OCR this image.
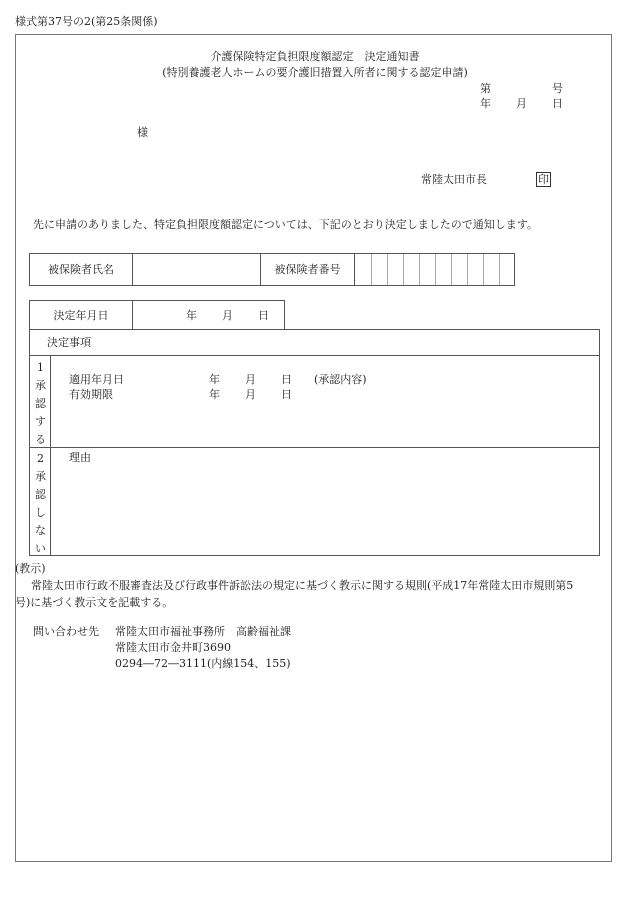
様式第37号の2(第25条関係)
介護保険特定負担限度額認定　決定通知書
(特別養護老人ホームの要介護旧措置入所者に関する認定申請)
第	号
年 月 日
様
常陸太田市長	印
先に申請のありました、特定負担限度額認定については、下記のとおり決定しましたので通知します。
被保険者氏名	被保険者番号
決定年月日	年 月 日
決定事項
1
承
認
す
る
適用年月日	年 月 日 (承認内容)
有効期限	年 月 日
2
承
認
し
な
い
理由
(教示)
常陸太田市行政不服審査法及び行政事件訴訟法の規定に基づく教示に関する規則(平成17年常陸太田市規則第5
号)に基づく教示文を記載する。
問い合わせ先 常陸太田市福祉事務所　高齢福祉課
常陸太田市金井町3690
0294―72―3111(内線154、155)
